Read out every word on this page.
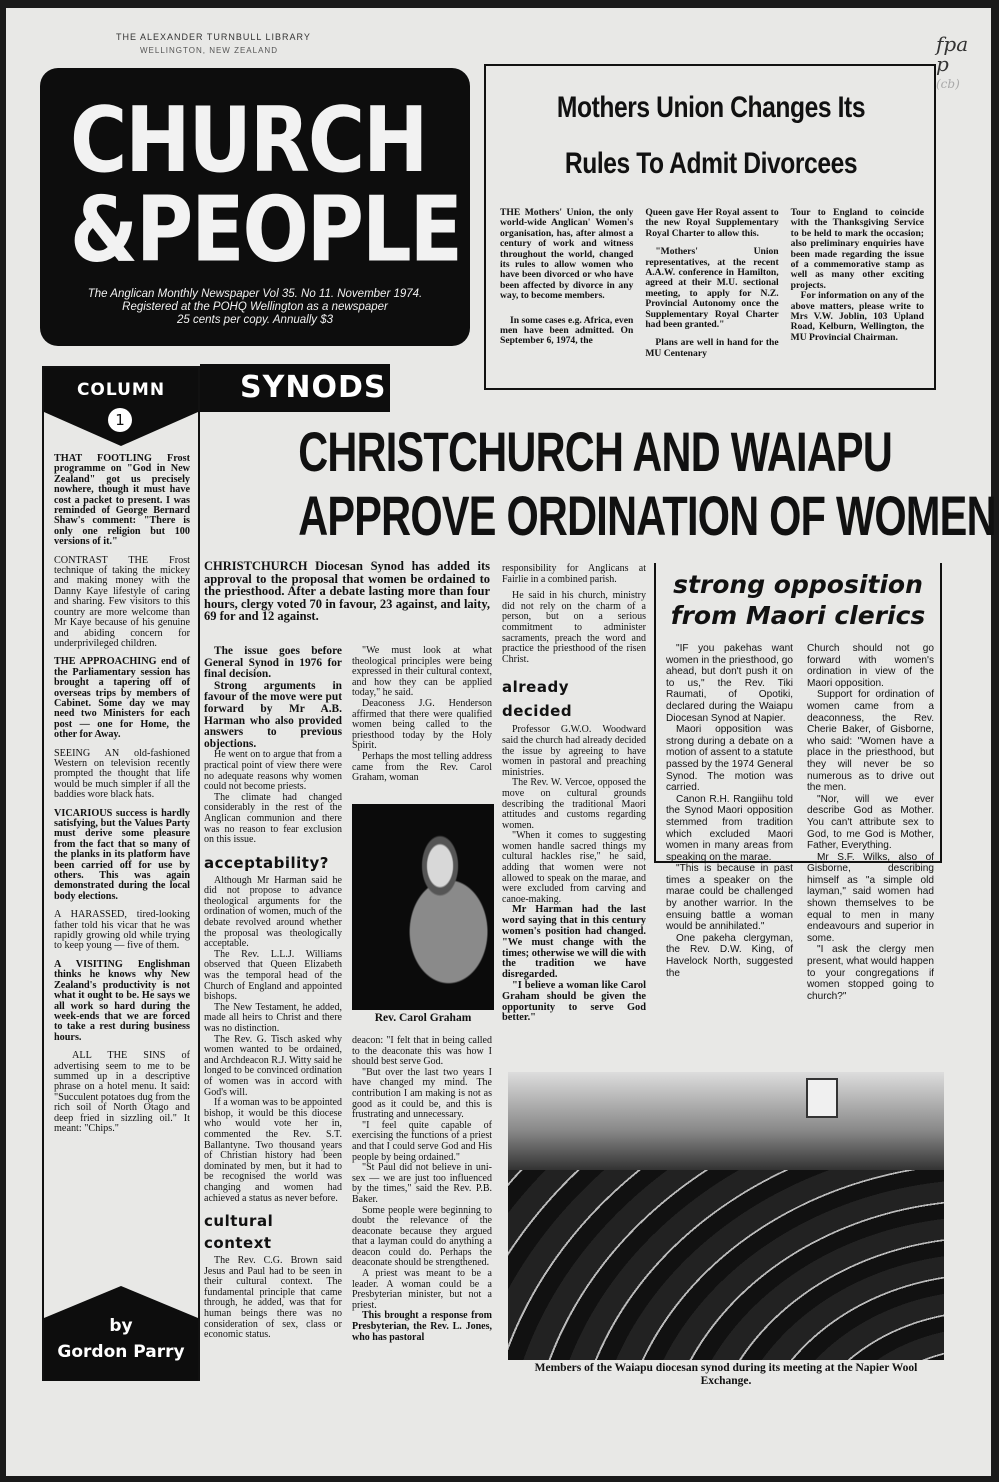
THE ALEXANDER TURNBULL LIBRARY
WELLINGTON, NEW ZEALAND	fpa
p
(cb)
CHURCH
&PEOPLE
The Anglican Monthly Newspaper Vol 35. No 11. November 1974.
Registered at the POHQ Wellington as a newspaper
25 cents per copy. Annually $3
Mothers Union Changes Its
Rules To Admit Divorcees

THE Mothers' Union, the only world-wide Anglican' Women's organisation, has, after almost a century of work and witness throughout the world, changed its rules to allow women who have been divorced or who have been affected by divorce in any way, to become members.

In some cases e.g. Africa, even men have been admitted. On September 6, 1974, the

Queen gave Her Royal assent to the new Royal Supplementary Royal Charter to allow this.

"Mothers' Union representatives, at the recent A.A.W. conference in Hamilton, agreed at their M.U. sectional meeting, to apply for N.Z. Provincial Autonomy once the Supplementary Royal Charter had been granted."

Plans are well in hand for the MU Centenary

Tour to England to coincide with the Thanksgiving Service to be held to mark the occasion; also preliminary enquiries have been made regarding the issue of a commemorative stamp as well as many other exciting projects.

For information on any of the above matters, please write to Mrs V.W. Joblin, 103 Upland Road, Kelburn, Wellington, the MU Provincial Chairman.

COLUMN
1

THAT FOOTLING Frost programme on "God in New Zealand" got us precisely nowhere, though it must have cost a packet to present. I was reminded of George Bernard Shaw's comment: "There is only one religion but 100 versions of it."

CONTRAST THE Frost technique of taking the mickey and making money with the Danny Kaye lifestyle of caring and sharing. Few visitors to this country are more welcome than Mr Kaye because of his genuine and abiding concern for underprivileged children.

THE APPROACHING end of the Parliamentary session has brought a tapering off of overseas trips by members of Cabinet. Some day we may need two Ministers for each post — one for Home, the other for Away.

SEEING AN old-fashioned Western on television recently prompted the thought that life would be much simpler if all the baddies wore black hats.

VICARIOUS success is hardly satisfying, but the Values Party must derive some pleasure from the fact that so many of the planks in its platform have been carried off for use by others. This was again demonstrated during the local body elections.

A HARASSED, tired-looking father told his vicar that he was rapidly growing old while trying to keep young — five of them.

A VISITING Englishman thinks he knows why New Zealand's productivity is not what it ought to be. He says we all work so hard during the week-ends that we are forced to take a rest during business hours.

ALL THE SINS of advertising seem to me to be summed up in a descriptive phrase on a hotel menu. It said: "Succulent potatoes dug from the rich soil of North Otago and deep fried in sizzling oil." It meant: "Chips."

by
Gordon Parry
SYNODS
CHRISTCHURCH AND WAIAPU
APPROVE ORDINATION OF WOMEN
CHRISTCHURCH Diocesan Synod has added its approval to the proposal that women be ordained to the priesthood. After a debate lasting more than four hours, clergy voted 70 in favour, 23 against, and laity, 69 for and 12 against.

The issue goes before General Synod in 1976 for final decision.

Strong arguments in favour of the move were put forward by Mr A.B. Harman who also provided answers to previous objections.

He went on to argue that from a practical point of view there were no adequate reasons why women could not become priests.

The climate had changed considerably in the rest of the Anglican communion and there was no reason to fear exclusion on this issue.

acceptability?

Although Mr Harman said he did not propose to advance theological arguments for the ordination of women, much of the debate revolved around whether the proposal was theologically acceptable.

The Rev. L.L.J. Williams observed that Queen Elizabeth was the temporal head of the Church of England and appointed bishops.

The New Testament, he added, made all heirs to Christ and there was no distinction.

The Rev. G. Tisch asked why women wanted to be ordained, and Archdeacon R.J. Witty said he longed to be convinced ordination of women was in accord with God's will.

If a woman was to be appointed bishop, it would be this diocese who would vote her in, commented the Rev. S.T. Ballantyne. Two thousand years of Christian history had been dominated by men, but it had to be recognised the world was changing and women had achieved a status as never before.

cultural context

The Rev. C.G. Brown said Jesus and Paul had to be seen in their cultural context. The fundamental principle that came through, he added, was that for human beings there was no consideration of sex, class or economic status.

"We must look at what theological principles were being expressed in their cultural context, and how they can be applied today," he said.

Deaconess J.G. Henderson affirmed that there were qualified women being called to the priesthood today by the Holy Spirit.

Perhaps the most telling address came from the Rev. Carol Graham, woman

Rev. Carol Graham

deacon: "I felt that in being called to the deaconate this was how I should best serve God.

"But over the last two years I have changed my mind. The contribution I am making is not as good as it could be, and this is frustrating and unnecessary.

"I feel quite capable of exercising the functions of a priest and that I could serve God and His people by being ordained."

"St Paul did not believe in uni-sex — we are just too influenced by the times," said the Rev. P.B. Baker.

Some people were beginning to doubt the relevance of the deaconate because they argued that a layman could do anything a deacon could do. Perhaps the deaconate should be strengthened.

A priest was meant to be a leader. A woman could be a Presbyterian minister, but not a priest.

This brought a response from Presbyterian, the Rev. L. Jones, who has pastoral

responsibility for Anglicans at Fairlie in a combined parish.

He said in his church, ministry did not rely on the charm of a person, but on a serious commitment to administer sacraments, preach the word and practice the priesthood of the risen Christ.

already decided

Professor G.W.O. Woodward said the church had already decided the issue by agreeing to have women in pastoral and preaching ministries.

The Rev. W. Vercoe, opposed the move on cultural grounds describing the traditional Maori attitudes and customs regarding women.

"When it comes to suggesting women handle sacred things my cultural hackles rise," he said, adding that women were not allowed to speak on the marae, and were excluded from carving and canoe-making.

Mr Harman had the last word saying that in this century women's position had changed. "We must change with the times; otherwise we will die with the tradition we have disregarded.

"I believe a woman like Carol Graham should be given the opportunity to serve God better."

strong opposition
from Maori clerics

"IF you pakehas want women in the priesthood, go ahead, but don't push it on to us," the Rev. Tiki Raumati, of Opotiki, declared during the Waiapu Diocesan Synod at Napier.

Maori opposition was strong during a debate on a motion of assent to a statute passed by the 1974 General Synod. The motion was carried.

Canon R.H. Rangiihu told the Synod Maori opposition stemmed from tradition which excluded Maori women in many areas from speaking on the marae.

"This is because in past times a speaker on the marae could be challenged by another warrior. In the ensuing battle a woman would be annihilated."

One pakeha clergyman, the Rev. D.W. King, of Havelock North, suggested the

Church should not go forward with women's ordination in view of the Maori opposition.

Support for ordination of women came from a deaconness, the Rev. Cherie Baker, of Gisborne, who said: "Women have a place in the priesthood, but they will never be so numerous as to drive out the men.

"Nor, will we ever describe God as Mother. You can't attribute sex to God, to me God is Mother, Father, Everything.

Mr S.F. Wilks, also of Gisborne, describing himself as "a simple old layman," said women had shown themselves to be equal to men in many endeavours and superior in some.

"I ask the clergy men present, what would happen to your congregations if women stopped going to church?"

Members of the Waiapu diocesan synod during its meeting at the Napier Wool Exchange.
